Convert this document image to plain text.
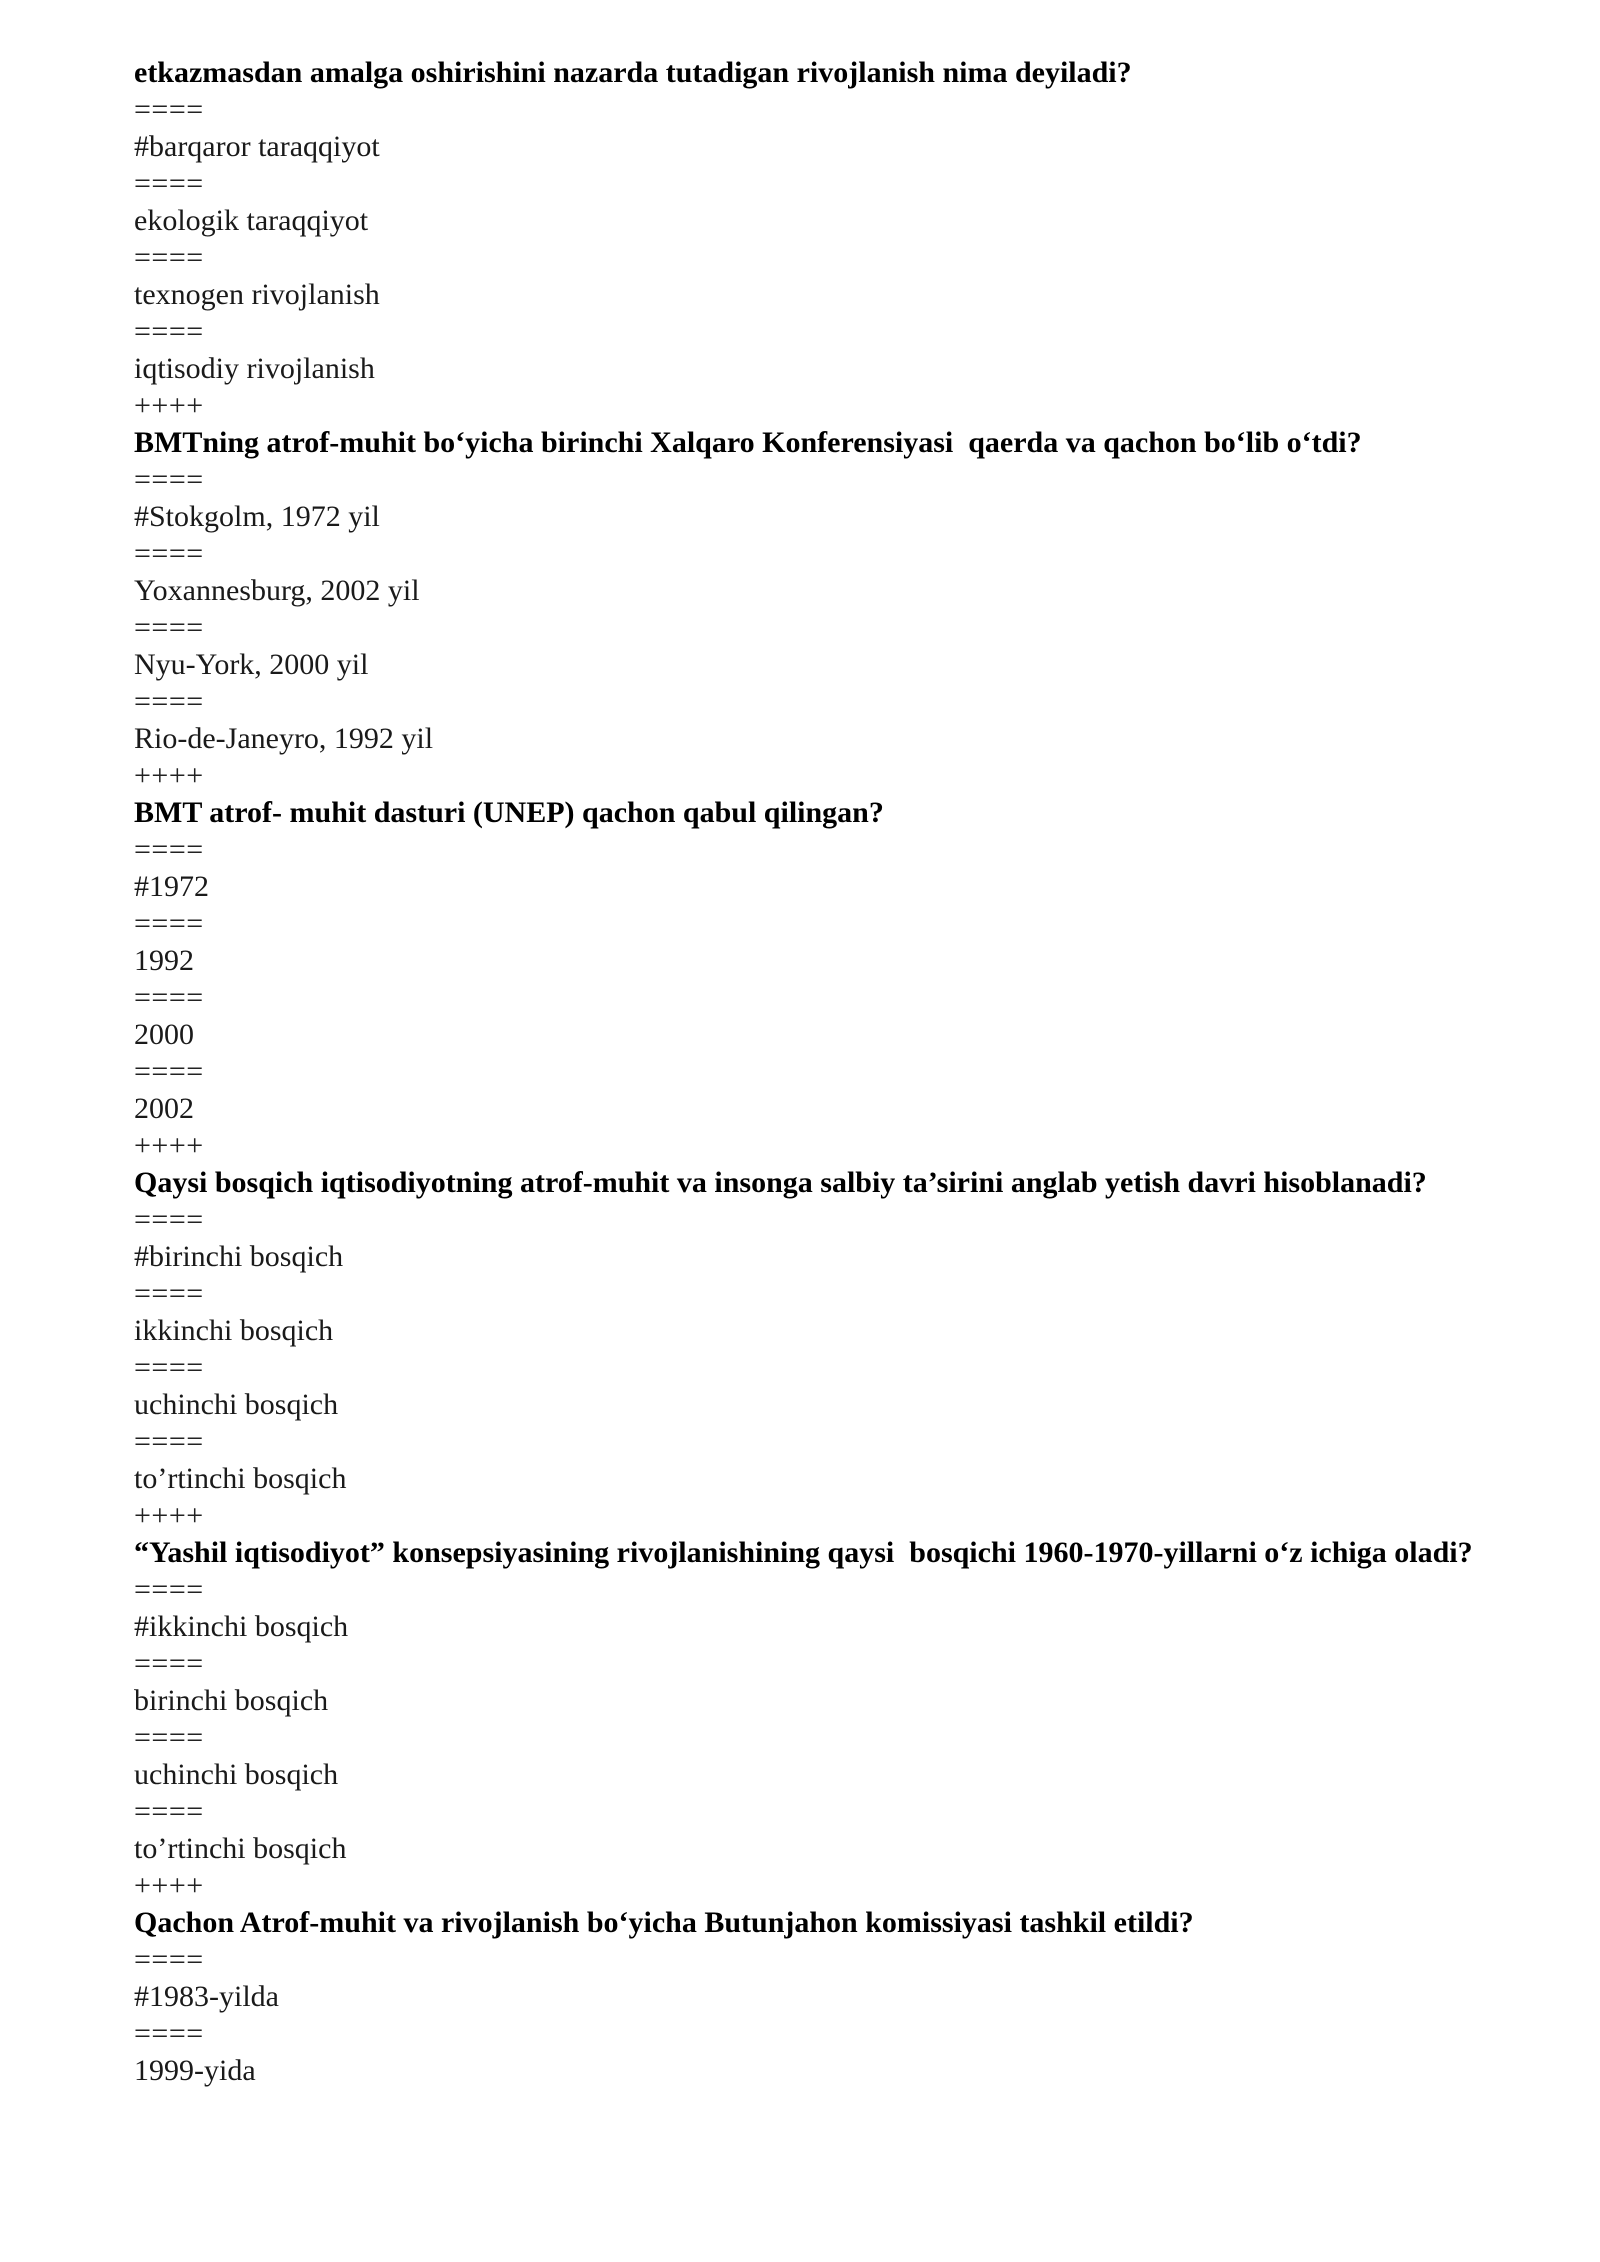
etkazmasdan amalga oshirishini nazarda tutadigan rivojlanish nima deyiladi?
====
#barqaror taraqqiyot
====
ekologik taraqqiyot
====
texnogen rivojlanish
====
iqtisodiy rivojlanish
++++
BMTning atrof-muhit bo‘yicha birinchi Xalqaro Konferensiyasi  qaerda va qachon bo‘lib o‘tdi?
====
#Stokgolm, 1972 yil
====
Yoxannesburg, 2002 yil
====
Nyu-York, 2000 yil
====
Rio-de-Janeyro, 1992 yil
++++
BMT atrof- muhit dasturi (UNEP) qachon qabul qilingan?
====
#1972
====
1992
====
2000
====
2002
++++
Qaysi bosqich iqtisodiyotning atrof-muhit va insonga salbiy ta’sirini anglab yetish davri hisoblanadi?
====
#birinchi bosqich
====
ikkinchi bosqich
====
uchinchi bosqich
====
to’rtinchi bosqich
++++
“Yashil iqtisodiyot” konsepsiyasining rivojlanishining qaysi  bosqichi 1960-1970-yillarni o‘z ichiga oladi?
====
#ikkinchi bosqich
====
birinchi bosqich
====
uchinchi bosqich
====
to’rtinchi bosqich
++++
Qachon Atrof-muhit va rivojlanish bo‘yicha Butunjahon komissiyasi tashkil etildi?
====
#1983-yilda
====
1999-yida
